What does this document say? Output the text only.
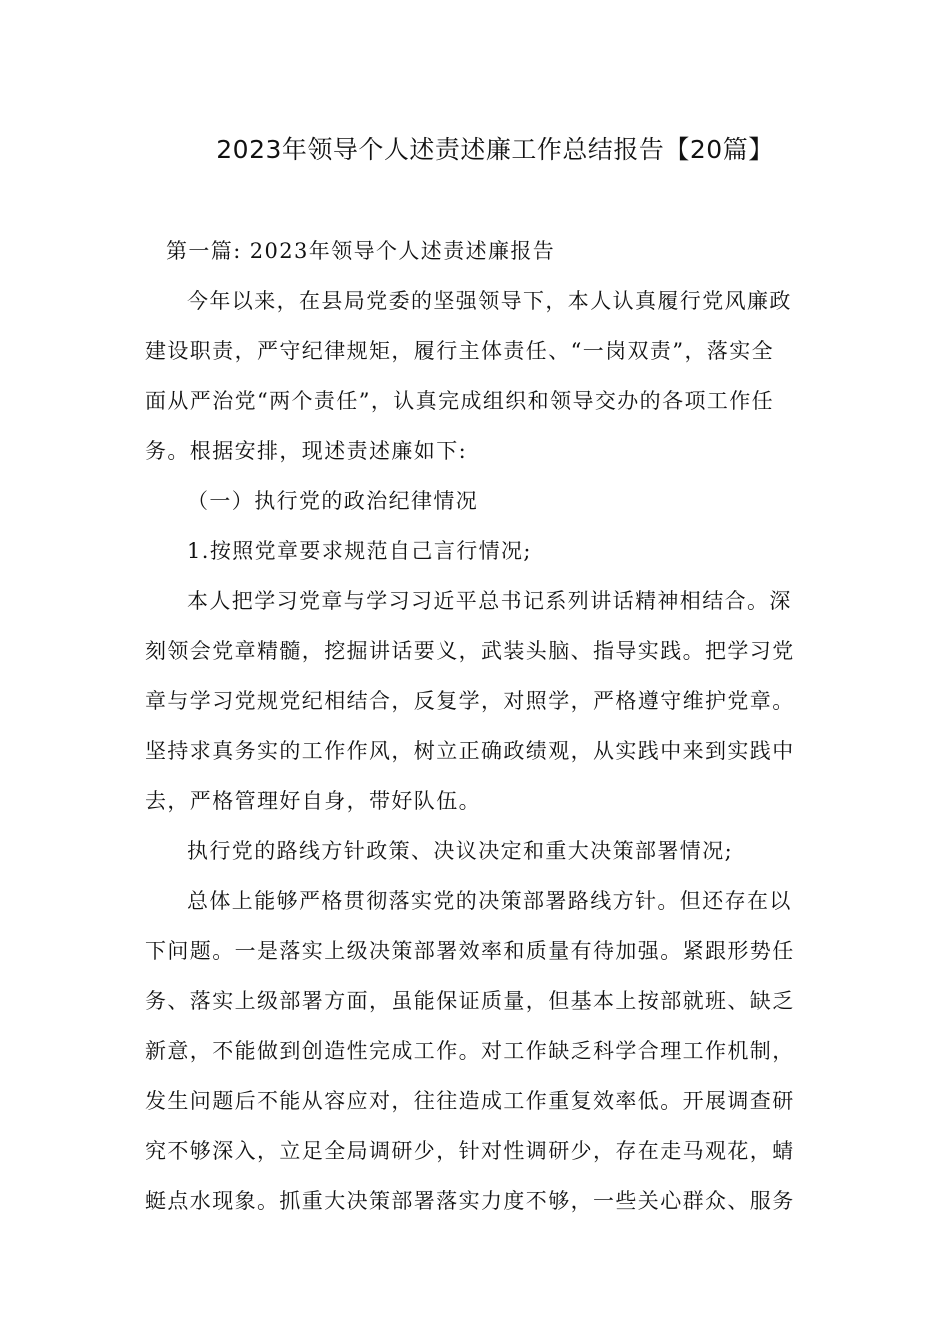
2023年领导个人述责述廉工作总结报告【20篇】

第一篇: 2023年领导个人述责述廉报告

今年以来，在县局党委的坚强领导下，本人认真履行党风廉政

建设职责，严守纪律规矩，履行主体责任、“一岗双责”，落实全

面从严治党“两个责任”，认真完成组织和领导交办的各项工作任

务。根据安排，现述责述廉如下:

（一）执行党的政治纪律情况

1.按照党章要求规范自己言行情况;

本人把学习党章与学习习近平总书记系列讲话精神相结合。深

刻领会党章精髓，挖掘讲话要义，武装头脑、指导实践。把学习党

章与学习党规党纪相结合，反复学，对照学，严格遵守维护党章。

坚持求真务实的工作作风，树立正确政绩观，从实践中来到实践中

去，严格管理好自身，带好队伍。

执行党的路线方针政策、决议决定和重大决策部署情况;

总体上能够严格贯彻落实党的决策部署路线方针。但还存在以

下问题。一是落实上级决策部署效率和质量有待加强。紧跟形势任

务、落实上级部署方面，虽能保证质量，但基本上按部就班、缺乏

新意，不能做到创造性完成工作。对工作缺乏科学合理工作机制，

发生问题后不能从容应对，往往造成工作重复效率低。开展调查研

究不够深入，立足全局调研少，针对性调研少，存在走马观花，蜻

蜓点水现象。抓重大决策部署落实力度不够，一些关心群众、服务
